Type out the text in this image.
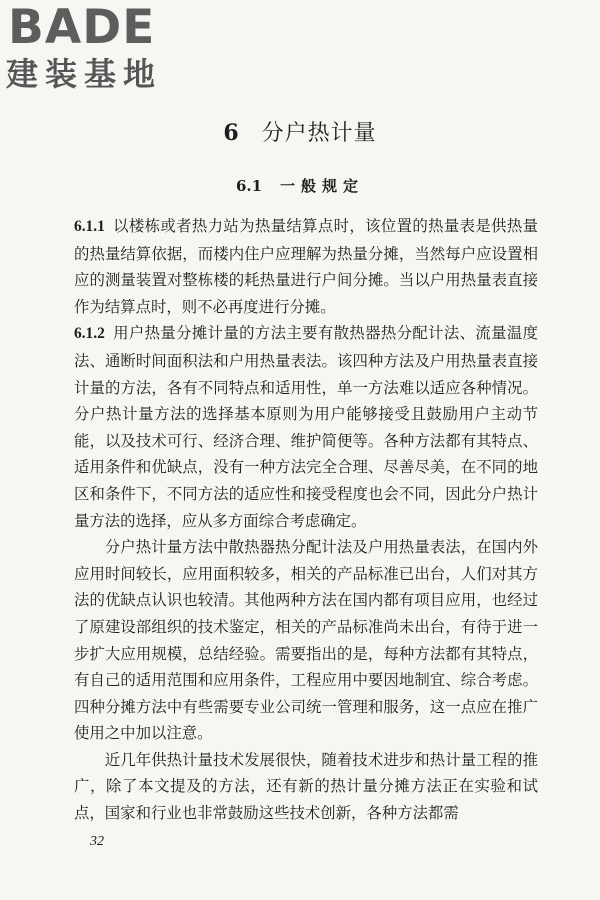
BADE
建装基地
6 分户热计量
6.1 一般规定

6.1.1 以楼栋或者热力站为热量结算点时，该位置的热量表是供热量的热量结算依据，而楼内住户应理解为热量分摊，当然每户应设置相应的测量装置对整栋楼的耗热量进行户间分摊。当以户用热量表直接作为结算点时，则不必再度进行分摊。

6.1.2 用户热量分摊计量的方法主要有散热器热分配计法、流量温度法、通断时间面积法和户用热量表法。该四种方法及户用热量表直接计量的方法，各有不同特点和适用性，单一方法难以适应各种情况。分户热计量方法的选择基本原则为用户能够接受且鼓励用户主动节能，以及技术可行、经济合理、维护简便等。各种方法都有其特点、适用条件和优缺点，没有一种方法完全合理、尽善尽美，在不同的地区和条件下，不同方法的适应性和接受程度也会不同，因此分户热计量方法的选择，应从多方面综合考虑确定。

分户热计量方法中散热器热分配计法及户用热量表法，在国内外应用时间较长，应用面积较多，相关的产品标准已出台，人们对其方法的优缺点认识也较清。其他两种方法在国内都有项目应用，也经过了原建设部组织的技术鉴定，相关的产品标准尚未出台，有待于进一步扩大应用规模，总结经验。需要指出的是，每种方法都有其特点，有自己的适用范围和应用条件，工程应用中要因地制宜、综合考虑。四种分摊方法中有些需要专业公司统一管理和服务，这一点应在推广使用之中加以注意。

近几年供热计量技术发展很快，随着技术进步和热计量工程的推广，除了本文提及的方法，还有新的热计量分摊方法正在实验和试点，国家和行业也非常鼓励这些技术创新，各种方法都需

32
